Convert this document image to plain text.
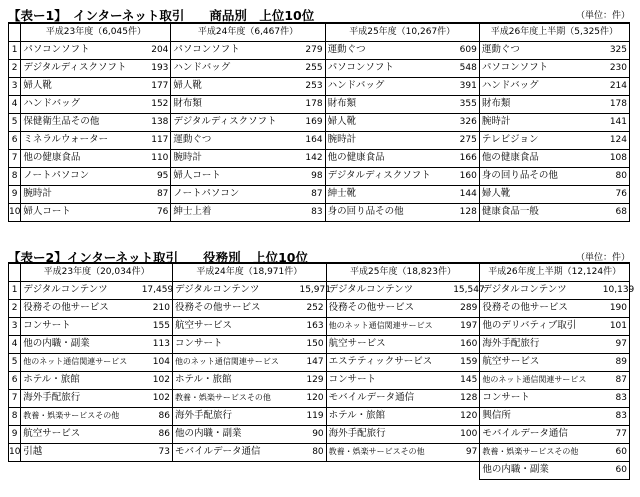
【表ー1】　インターネット取引　　商品別　上位10位	（単位：件）
	平成23年度（6,045件）		平成24年度（6,467件）		平成25年度（10,267件）		平成26年度上半期（5,325件）	
1	パソコンソフト	204	パソコンソフト	279	運動ぐつ	609	運動ぐつ	325
2	デジタルディスクソフト	193	ハンドバッグ	255	パソコンソフト	548	パソコンソフト	230
3	婦人靴	177	婦人靴	253	ハンドバッグ	391	ハンドバッグ	214
4	ハンドバッグ	152	財布類	178	財布類	355	財布類	178
5	保健衛生品その他	138	デジタルディスクソフト	169	婦人靴	326	腕時計	141
6	ミネラルウォーター	117	運動ぐつ	164	腕時計	275	テレビジョン	124
7	他の健康食品	110	腕時計	142	他の健康食品	166	他の健康食品	108
8	ノートパソコン	95	婦人コート	98	デジタルディスクソフト	160	身の回り品その他	80
9	腕時計	87	ノートパソコン	87	紳士靴	144	婦人靴	76
10	婦人コート	76	紳士上着	83	身の回り品その他	128	健康食品一般	68
【表ー2】インターネット取引　　役務別　上位10位	（単位：件）
	平成23年度（20,034件）		平成24年度（18,971件）		平成25年度（18,823件）		平成26年度上半期（12,124件）	
1	デジタルコンテンツ	17,459	デジタルコンテンツ	15,971	デジタルコンテンツ	15,547	デジタルコンテンツ	10,139
2	役務その他サービス	210	役務その他サービス	252	役務その他サービス	289	役務その他サービス	190
3	コンサート	155	航空サービス	163	他のネット通信関連サービス	197	他のデリバティブ取引	101
4	他の内職・副業	113	コンサート	150	航空サービス	160	海外手配旅行	97
5	他のネット通信関連サービス	104	他のネット通信関連サービス	147	エステティックサービス	159	航空サービス	89
6	ホテル・旅館	102	ホテル・旅館	129	コンサート	145	他のネット通信関連サービス	87
7	海外手配旅行	102	教養・娯楽サービスその他	120	モバイルデータ通信	128	コンサート	83
8	教養・娯楽サービスその他	86	海外手配旅行	119	ホテル・旅館	120	興信所	83
9	航空サービス	86	他の内職・副業	90	海外手配旅行	100	モバイルデータ通信	77
10	引越	73	モバイルデータ通信	80	教養・娯楽サービスその他	97	教養・娯楽サービスその他	60
							他の内職・副業	60
